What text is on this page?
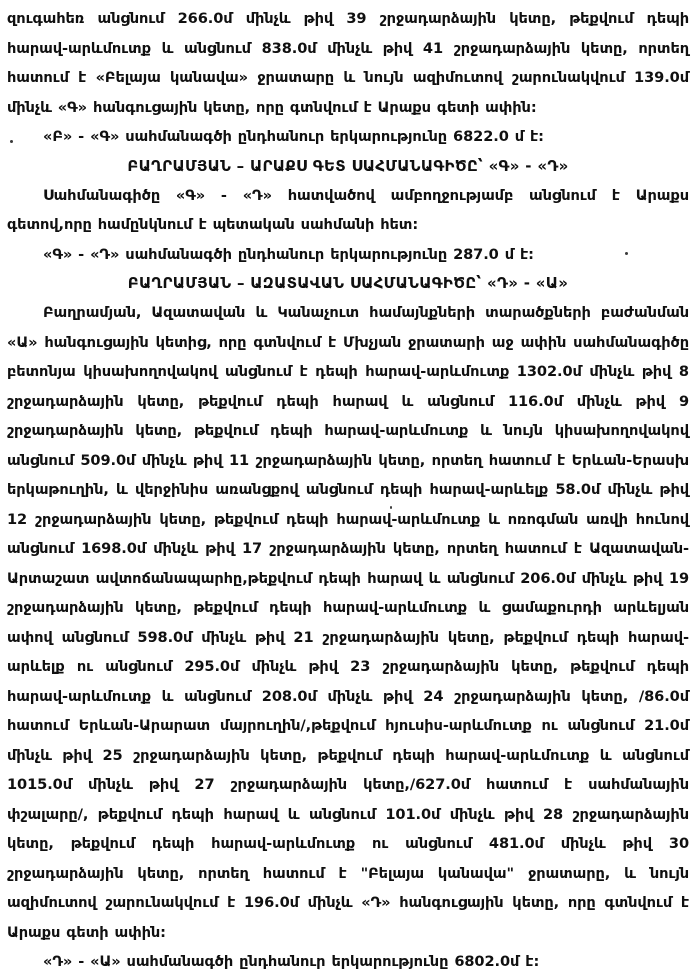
զուգահեռ անցնում 266.0մ մինչև թիվ 39 շրջադարձային կետը, թեքվում դեպի հարավ-արևմուտք և անցնում 838.0մ մինչև թիվ 41 շրջադարձային կետը, որտեղ հատում է «Բելայա կանավա» ջրատարը և նույն ազիմուտով շարունակվում 139.0մ մինչև «Գ» հանգուցային կետը, որը գտնվում է Արաքս գետի ափին:

«Բ» - «Գ» սահմանագծի ընդհանուր երկարությունը 6822.0 մ է:

ԲԱՂՐԱՄՅԱՆ – ԱՐԱՔՍ ԳԵՏ ՍԱՀՄԱՆԱԳԻԾԸ՝ «Գ» - «Դ»

Սահմանագիծը «Գ» - «Դ» հատվածով ամբողջությամբ անցնում է Արաքս գետով,որը համընկնում է պետական սահմանի հետ:

«Գ» - «Դ» սահմանագծի ընդհանուր երկարությունը 287.0 մ է:

ԲԱՂՐԱՄՅԱՆ – ԱԶԱՏԱՎԱՆ ՍԱՀՄԱՆԱԳԻԾԸ՝ «Դ» - «Ա»

Բաղրամյան, Ազատավան և Կանաչուտ համայնքների տարածքների բաժանման «Ա» հանգուցային կետից, որը գտնվում է Մխչյան ջրատարի աջ ափին սահմանագիծը բետոնյա կիսախողովակով անցնում է դեպի հարավ-արևմուտք 1302.0մ մինչև թիվ 8 շրջադարձային կետը, թեքվում դեպի հարավ և անցնում 116.0մ մինչև թիվ 9 շրջադարձային կետը, թեքվում դեպի հարավ-արևմուտք և նույն կիսախողովակով անցնում 509.0մ մինչև թիվ 11 շրջադարձային կետը, որտեղ հատում է Երևան-Երասխ երկաթուղին, և վերջինիս առանցքով անցնում դեպի հարավ-արևելք 58.0մ մինչև թիվ 12 շրջադարձային կետը, թեքվում դեպի հարավ-արևմուտք և ոռոգման առվի հունով անցնում 1698.0մ մինչև թիվ 17 շրջադարձային կետը, որտեղ հատում է Ազատավան-Արտաշատ ավտոճանապարհը,թեքվում դեպի հարավ և անցնում 206.0մ մինչև թիվ 19 շրջադարձային կետը, թեքվում դեպի հարավ-արևմուտք և ցամաքուրդի արևելյան ափով անցնում 598.0մ մինչև թիվ 21 շրջադարձային կետը, թեքվում դեպի հարավ-արևելք ու անցնում 295.0մ մինչև թիվ 23 շրջադարձային կետը, թեքվում դեպի հարավ-արևմուտք և անցնում 208.0մ մինչև թիվ 24 շրջադարձային կետը, /86.0մ հատում Երևան-Արարատ մայրուղին/,թեքվում հյուսիս-արևմուտք ու անցնում 21.0մ մինչև թիվ 25 շրջադարձային կետը, թեքվում դեպի հարավ-արևմուտք և անցնում 1015.0մ մինչև թիվ 27 շրջադարձային կետը,/627.0մ հատում է սահմանային փշալարը/, թեքվում դեպի հարավ և անցնում 101.0մ մինչև թիվ 28 շրջադարձային կետը, թեքվում դեպի հարավ-արևմուտք ու անցնում 481.0մ մինչև թիվ 30 շրջադարձային կետը, որտեղ հատում է "Բելայա կանավա" ջրատարը, և նույն ազիմուտով շարունակվում է 196.0մ մինչև «Դ» հանգուցային կետը, որը գտնվում է Արաքս գետի ափին:

«Դ» - «Ա» սահմանագծի ընդհանուր երկարությունը 6802.0մ է:
